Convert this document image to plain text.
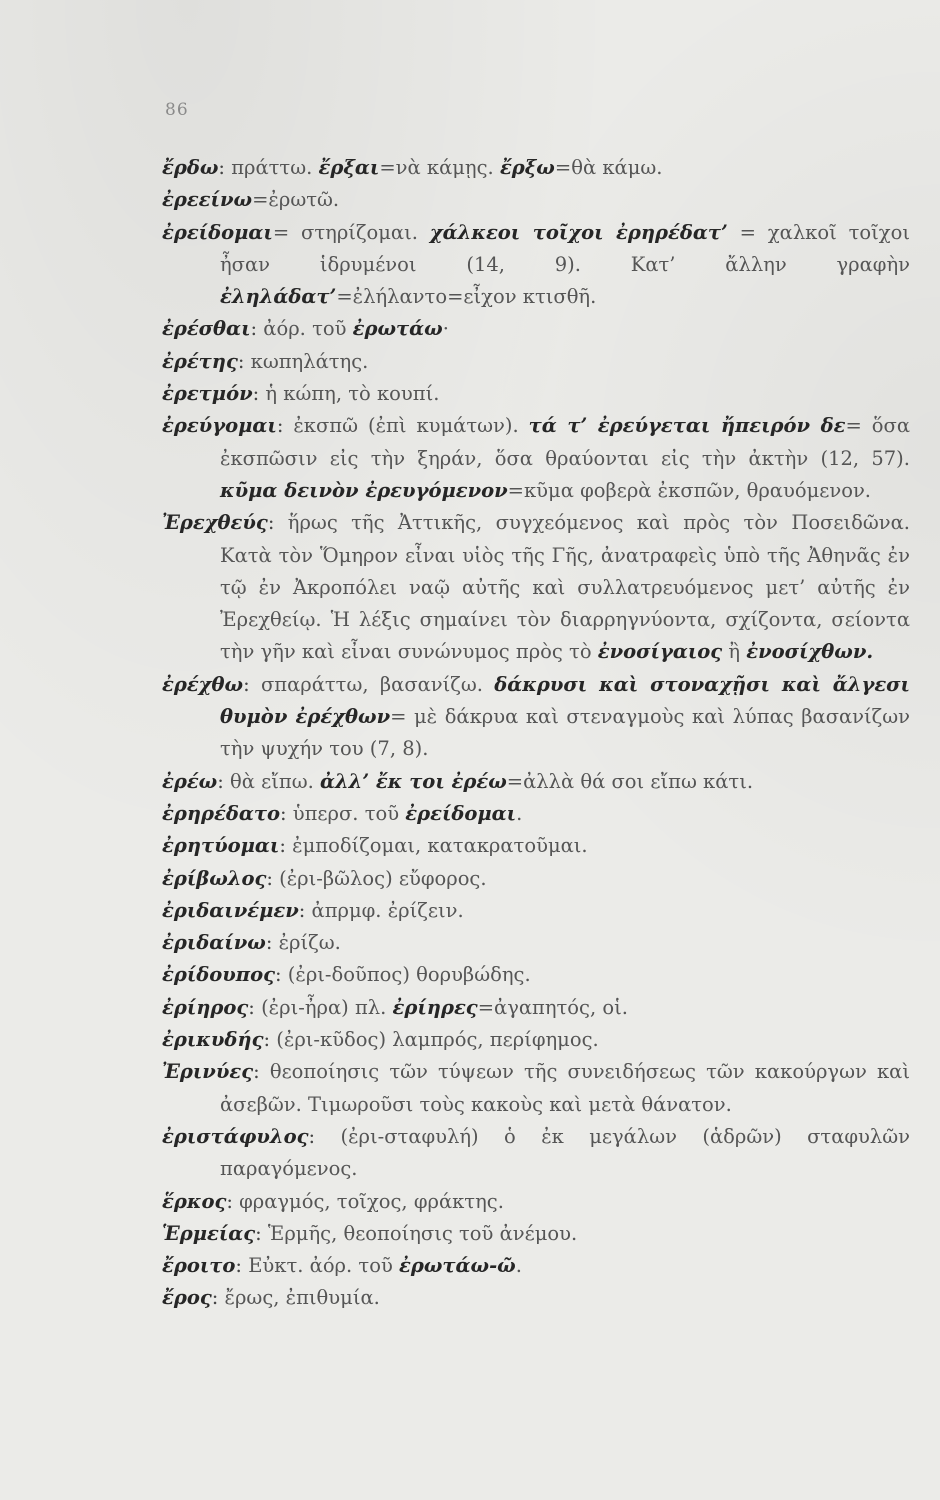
86

ἔρδω: πράττω. ἔρξαι=νὰ κάμῃς. ἔρξω=θὰ κάμω.

ἐρεείνω=ἐρωτῶ.

ἐρείδομαι= στηρίζομαι. χάλκεοι τοῖχοι ἐρηρέδατ’ = χαλκοῖ τοῖχοι ἦσαν ἱδρυμένοι (14, 9). Κατ’ ἄλλην γραφὴν ἐληλάδατ’=ἐλήλαντο=εἶχον κτισθῆ.

ἐρέσθαι: ἀόρ. τοῦ ἐρωτάω·

ἐρέτης: κωπηλάτης.

ἐρετμόν: ἡ κώπη, τὸ κουπί.

ἐρεύγομαι: ἐκσπῶ (ἐπὶ κυμάτων). τά τ’ ἐρεύγεται ἤπειρόν δε= ὅσα ἐκσπῶσιν εἰς τὴν ξηράν, ὅσα θραύονται εἰς τὴν ἀκτὴν (12, 57). κῦμα δεινὸν ἐρευγόμενον=κῦμα φοβερὰ ἐκσπῶν, θραυόμενον.

Ἐρεχθεύς: ἥρως τῆς Ἀττικῆς, συγχεόμενος καὶ πρὸς τὸν Ποσειδῶνα. Κατὰ τὸν Ὅμηρον εἶναι υἱὸς τῆς Γῆς, ἀνατραφεὶς ὑπὸ τῆς Ἀθηνᾶς ἐν τῷ ἐν Ἀκροπόλει ναῷ αὐτῆς καὶ συλλατρευόμενος μετ’ αὐτῆς ἐν Ἐρεχθείῳ. Ἡ λέξις σημαίνει τὸν διαρρηγνύοντα, σχίζοντα, σείοντα τὴν γῆν καὶ εἶναι συνώνυμος πρὸς τὸ ἐνοσίγαιος ἢ ἐνοσίχθων.

ἐρέχθω: σπαράττω, βασανίζω. δάκρυσι καὶ στοναχῇσι καὶ ἄλγεσι θυμὸν ἐρέχθων= μὲ δάκρυα καὶ στεναγμοὺς καὶ λύπας βασανίζων τὴν ψυχήν του (7, 8).

ἐρέω: θὰ εἴπω. ἀλλ’ ἔκ τοι ἐρέω=ἀλλὰ θά σοι εἴπω κάτι.

ἐρηρέδατο: ὑπερσ. τοῦ ἐρείδομαι.

ἐρητύομαι: ἐμποδίζομαι, κατακρατοῦμαι.

ἐρίβωλος: (ἐρι-βῶλος) εὔφορος.

ἐριδαινέμεν: ἀπρμφ. ἐρίζειν.

ἐριδαίνω: ἐρίζω.

ἐρίδουπος: (ἐρι-δοῦπος) θορυβώδης.

ἐρίηρος: (ἐρι-ἦρα) πλ. ἐρίηρες=ἀγαπητός, οἱ.

ἐρικυδής: (ἐρι-κῦδος) λαμπρός, περίφημος.

Ἐρινύες: θεοποίησις τῶν τύψεων τῆς συνειδήσεως τῶν κακούργων καὶ ἀσεβῶν. Τιμωροῦσι τοὺς κακοὺς καὶ μετὰ θάνατον.

ἐριστάφυλος: (ἐρι-σταφυλή) ὁ ἐκ μεγάλων (ἁδρῶν) σταφυλῶν παραγόμενος.

ἕρκος: φραγμός, τοῖχος, φράκτης.

Ἑρμείας: Ἑρμῆς, θεοποίησις τοῦ ἀνέμου.

ἔροιτο: Εὐκτ. ἀόρ. τοῦ ἐρωτάω-ῶ.

ἔρος: ἔρως, ἐπιθυμία.
